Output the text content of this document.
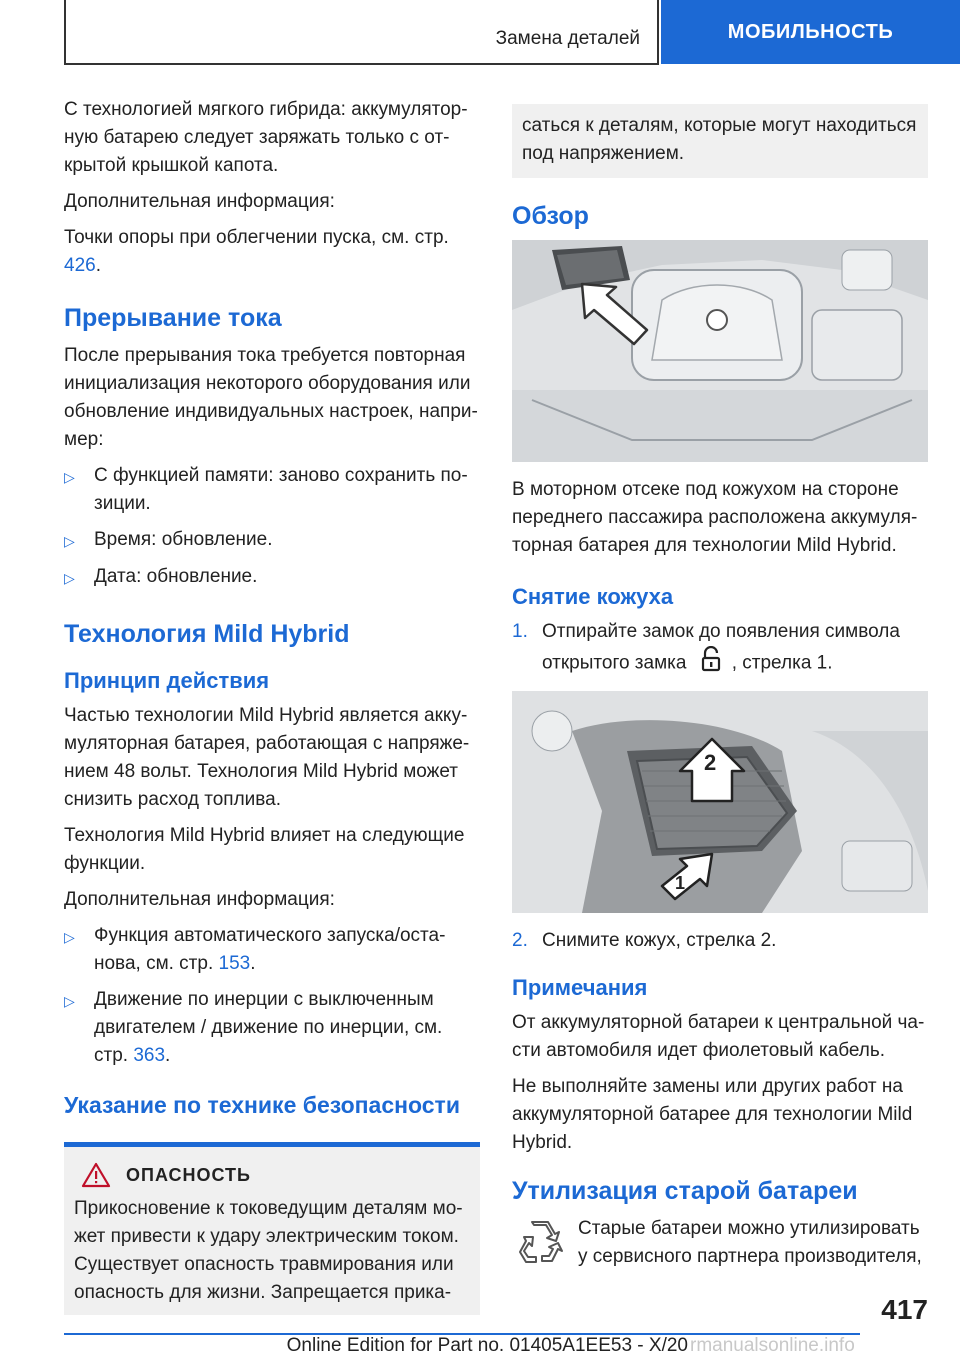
Замена деталей	МОБИЛЬНОСТЬ

С технологией мягкого гибрида: аккумулятор-ную батарею следует заряжать только с от-крытой крышкой капота.

Дополнительная информация:

Точки опоры при облегчении пуска, см. стр. 426.

Прерывание тока

После прерывания тока требуется повторная инициализация некоторого оборудования или обновление индивидуальных настроек, напри-мер:

▷	С функцией памяти: заново сохранить по-зиции.
▷	Время: обновление.
▷	Дата: обновление.
Технология Mild Hybrid
Принцип действия

Частью технологии Mild Hybrid является акку-муляторная батарея, работающая с напряже-нием 48 вольт. Технология Mild Hybrid может снизить расход топлива.

Технология Mild Hybrid влияет на следующие функции.

Дополнительная информация:

▷	Функция автоматического запуска/оста-нова, см. стр. 153.
▷	Движение по инерции с выключенным двигателем / движение по инерции, см. стр. 363.
Указание по технике безопасности
ОПАСНОСТЬ
Прикосновение к токоведущим деталям мо-жет привести к удару электрическим током. Существует опасность травмирования или опасность для жизни. Запрещается прика-
саться к деталям, которые могут находиться под напряжением.
Обзор

В моторном отсеке под кожухом на стороне переднего пассажира расположена аккумуля-торная батарея для технологии Mild Hybrid.

Снятие кожуха
1. Отпирайте замок до появления символа открытого замка , стрелка 1.
2
1
2. Снимите кожух, стрелка 2.
Примечания

От аккумуляторной батареи к центральной ча-сти автомобиля идет фиолетовый кабель.

Не выполняйте замены или других работ на аккумуляторной батарее для технологии Mild Hybrid.

Утилизация старой батареи

Старые батареи можно утилизировать у сервисного партнера производителя,

417
Online Edition for Part no. 01405A1EE53 - X/20 rmanualsonline.info
